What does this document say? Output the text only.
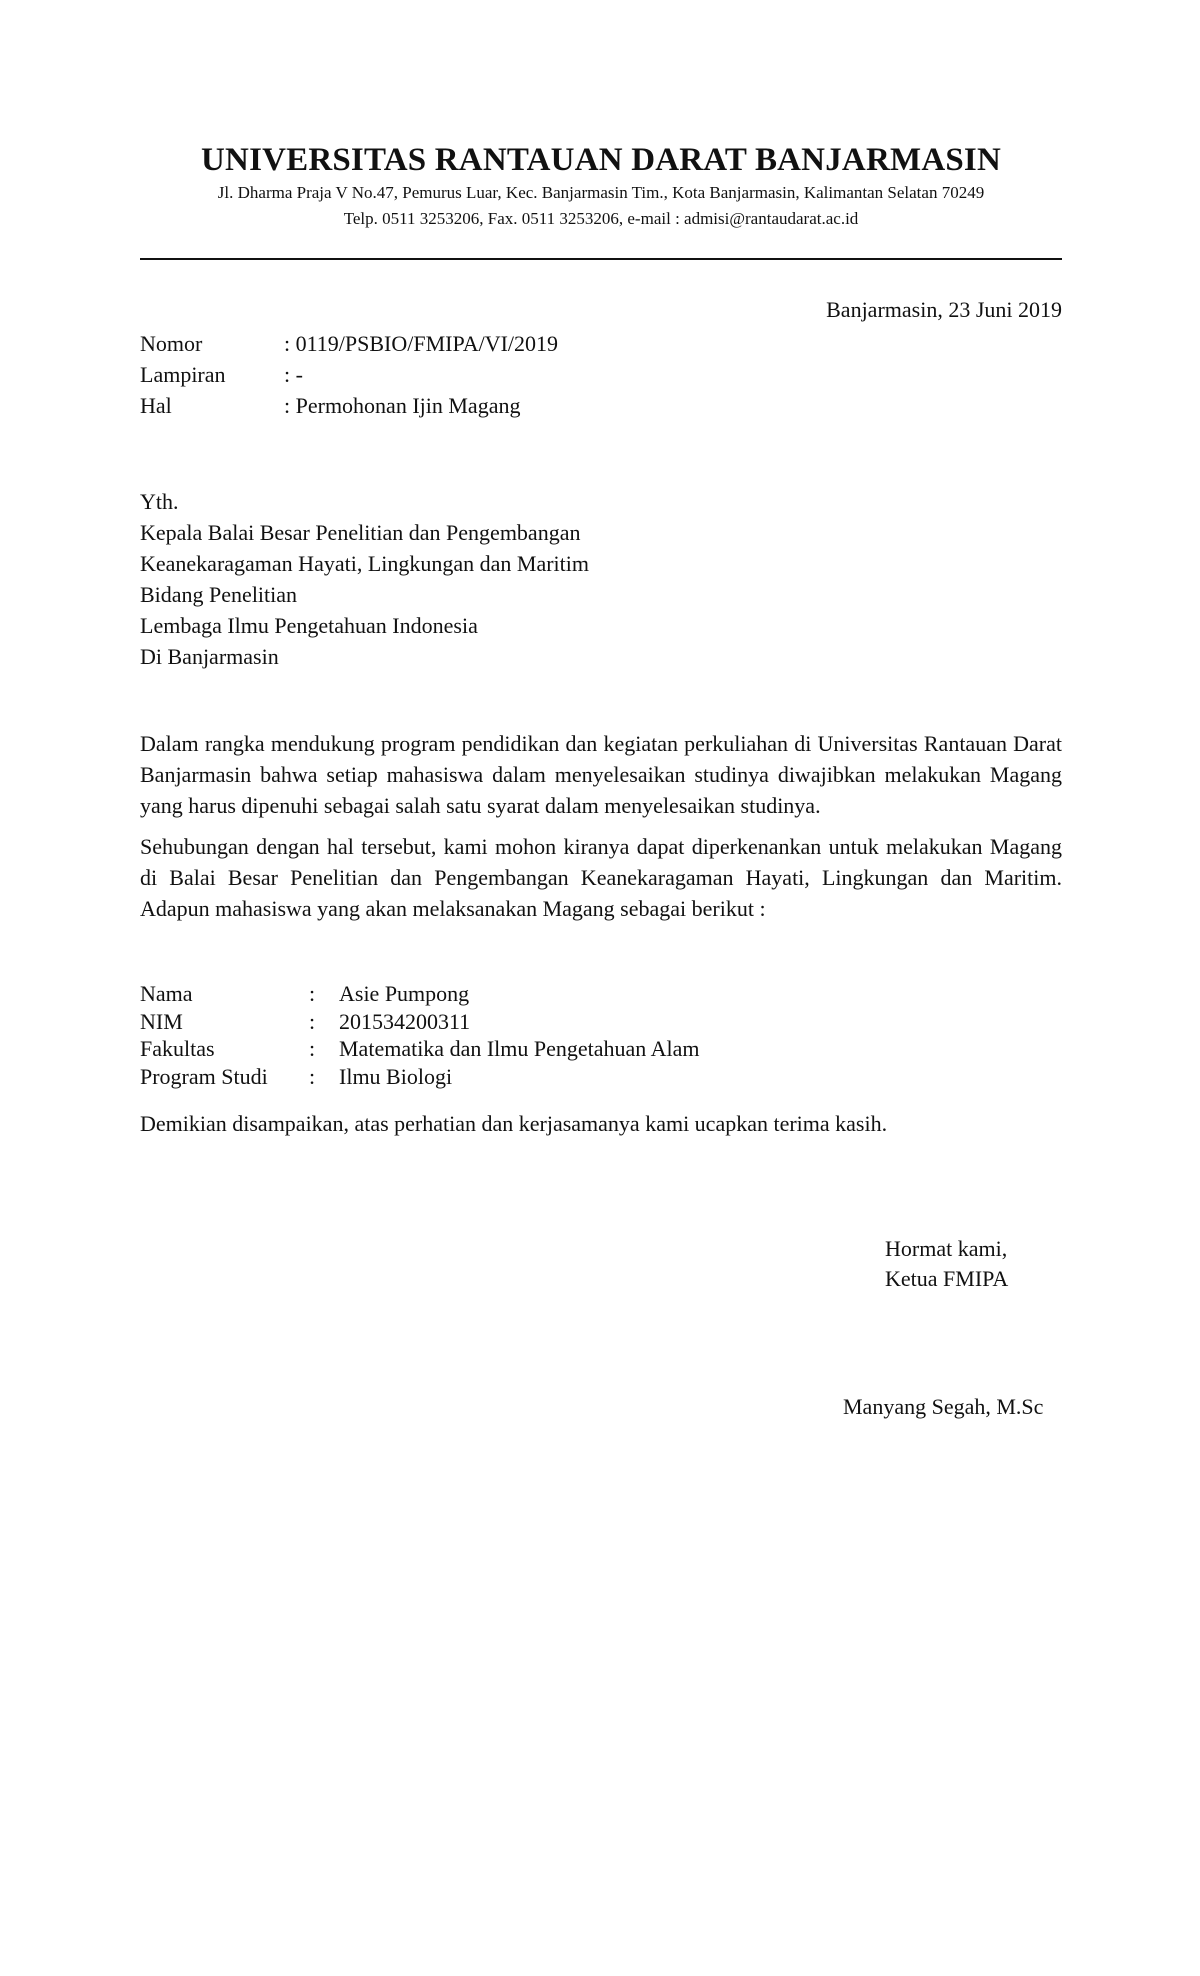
UNIVERSITAS RANTAUAN DARAT BANJARMASIN
Jl. Dharma Praja V No.47, Pemurus Luar, Kec. Banjarmasin Tim., Kota Banjarmasin, Kalimantan Selatan 70249
Telp. 0511 3253206, Fax. 0511 3253206, e-mail : admisi@rantaudarat.ac.id
Banjarmasin, 23 Juni 2019
Nomor	: 0119/PSBIO/FMIPA/VI/2019
Lampiran	: -
Hal	: Permohonan Ijin Magang
Yth.
Kepala Balai Besar Penelitian dan Pengembangan
Keanekaragaman Hayati, Lingkungan dan Maritim
Bidang Penelitian
Lembaga Ilmu Pengetahuan Indonesia
Di Banjarmasin

Dalam rangka mendukung program pendidikan dan kegiatan perkuliahan di Universitas Rantauan Darat Banjarmasin bahwa setiap mahasiswa dalam menyelesaikan studinya diwajibkan melakukan Magang yang harus dipenuhi sebagai salah satu syarat dalam menyelesaikan studinya.

Sehubungan dengan hal tersebut, kami mohon kiranya dapat diperkenankan untuk melakukan Magang di Balai Besar Penelitian dan Pengembangan Keanekaragaman Hayati, Lingkungan dan Maritim. Adapun mahasiswa yang akan melaksanakan Magang sebagai berikut :

Nama	:	Asie Pumpong
NIM	:	201534200311
Fakultas	:	Matematika dan Ilmu Pengetahuan Alam
Program Studi	:	Ilmu Biologi
Demikian disampaikan, atas perhatian dan kerjasamanya kami ucapkan terima kasih.
Hormat kami,
Ketua FMIPA
Manyang Segah, M.Sc
